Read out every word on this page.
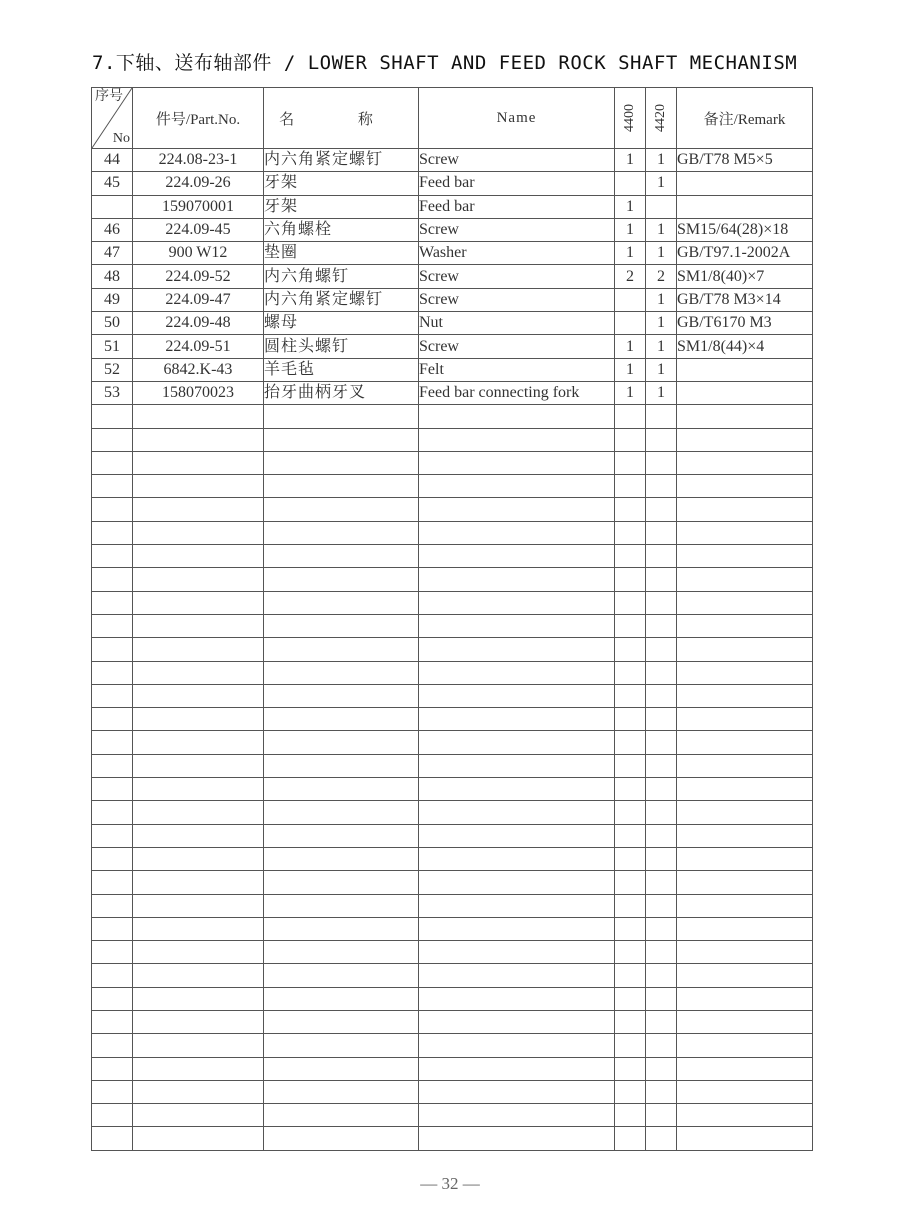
7.下轴、送布轴部件 / LOWER SHAFT AND FEED ROCK SHAFT MECHANISM
序号
No	件号/Part.No.	名 称	Name	4400	4420	备注/Remark
44	224.08-23-1	内六角紧定螺钉	Screw	1	1	GB/T78 M5×5
45	224.09-26	牙架	Feed bar		1	
	159070001	牙架	Feed bar	1		
46	224.09-45	六角螺栓	Screw	1	1	SM15/64(28)×18
47	900 W12	垫圈	Washer	1	1	GB/T97.1-2002A
48	224.09-52	内六角螺钉	Screw	2	2	SM1/8(40)×7
49	224.09-47	内六角紧定螺钉	Screw		1	GB/T78 M3×14
50	224.09-48	螺母	Nut		1	GB/T6170 M3
51	224.09-51	圆柱头螺钉	Screw	1	1	SM1/8(44)×4
52	6842.K-43	羊毛毡	Felt	1	1	
53	158070023	抬牙曲柄牙叉	Feed bar connecting fork	1	1	

— 32 —
